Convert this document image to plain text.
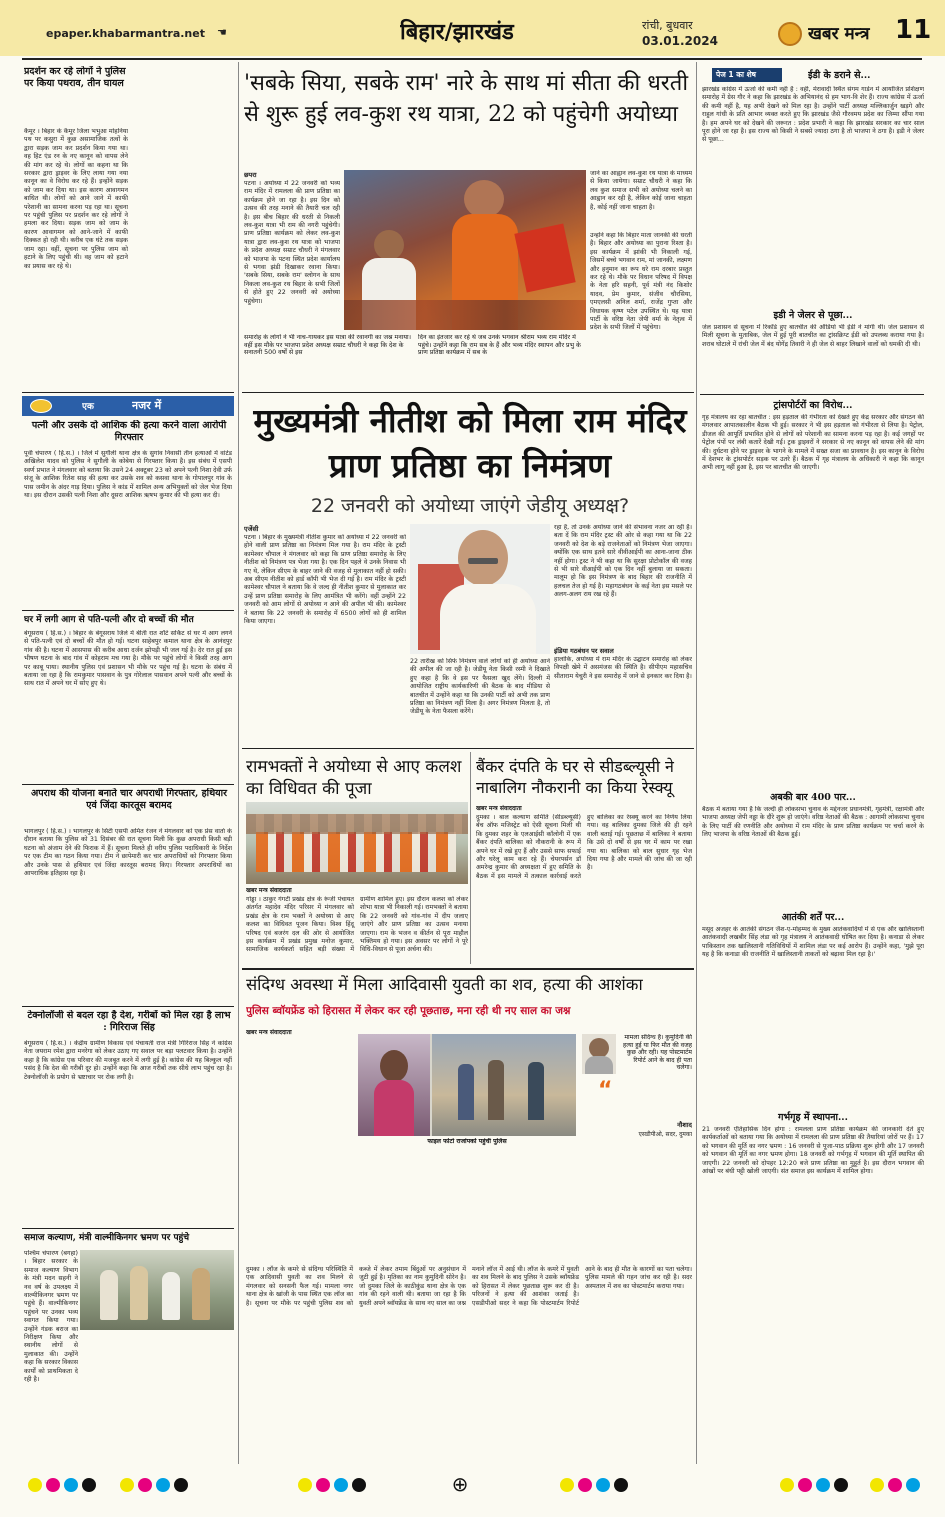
epaper.khabarmantra.net	☚	बिहार/झारखंड	रांची, बुधवार
03.01.2024	खबर मन्त्र 11
प्रदर्शन कर रहे लोगों ने पुलिस पर किया पथराव, तीन घायल
कैमूर । बिहार के कैमूर जिला भभुआ मोहनिया पथ पर कसुरा में कुछ असामाजिक तत्वों के द्वारा सड़क जाम कर प्रदर्शन किया गया था। वह हिट एंड रन के नए कानून को वापस लेने की मांग कर रहे थे। लोगों का कहना था कि सरकार द्वारा ड्राइवर के लिए लाया गया नया कानून का वे विरोध कर रहे हैं। इन्होंने सड़क को जाम कर दिया था। इस कारण आवागमन बाधित थी। लोगों को आने जाने में काफी परेशानी का सामना करना पड़ रहा था। सूचना पर पहुंची पुलिस पर प्रदर्शन कर रहे लोगों ने हमला कर दिया। सड़क जाम को जाम के कारण आवागमन को आने-जाने में काफी दिक्कत हो रही थी। करीब एक घंटे तक सड़क जाम रहा। वहीं, सूचना पर पुलिस जाम को हटाने के लिए पहुंची थी। वह जाम को हटाने का प्रयास कर रहे थे।
एक	नजर में
पत्नी और उसके दो आशिक की हत्या करने वाला आरोपी गिरफ्तार
पूर्वी चंपारण ( हि.स.) । जिले में सुगौली थाना क्षेत्र के सुगांव निवासी तीन हत्याओं में वांटेड अखिलेश यादव को पुलिस ने सुगौली के कोबेया से गिरफ्तार किया है। इस संबंध में एसपी स्वर्ण प्रभात ने मंगलवार को बताया कि उसने 24 अक्टूबर 23 को अपने पत्नी निशा देवी उर्फ संजू के आशिक रितेश साह की हत्या कर उसके शव को कसवा थाना के गोपालपुर गांव के पास जमीन के अंदर गाड़ दिया। पुलिस ने कांड में शामिल अन्य अभियुक्तों को जेल भेज दिया था। इस दौरान उसकी पत्नी निशा और दूसरा आशिक ऋषभ कुमार की भी हत्या कर दी।
घर में लगी आग से पति-पत्नी और दो बच्चों की मौत
बेगूसराय ( हि.स.) । बिहार के बेगूसराय जिले में बीती रात शॉर्ट सर्किट से घर में आग लगने से पति-पत्नी एवं दो बच्चों की मौत हो गई। घटना साहेबपुर कमाल थाना क्षेत्र के आनंदपुर गांव की है। घटना में आसपास की करीब आधा दर्जन झोपड़ी भी जल गई है। देर रात हुई इस भीषण घटना के बाद गांव में कोहराम मच गया है। मौके पर पहुंचे लोगों ने किसी तरह आग पर काबू पाया। स्थानीय पुलिस एवं प्रशासन भी मौके पर पहुंच गई है। घटना के संबंध में बताया जा रहा है कि रामकुमार पासवान के पुत्र गोरेलाल पासवान अपने पत्नी और बच्चों के साथ रात में अपने घर में सोए हुए थे।
अपराध की योजना बनाते चार अपराधी गिरफ्तार, हथियार एवं जिंदा कारतूस बरामद
भागलपुर ( हि.स.) । भागलपुर के सिटी एसपी अमित रंजन ने मंगलवार को एक प्रेस वार्ता के दौरान बताया कि पुलिस को 31 दिसंबर की रात सूचना मिली कि कुछ अपराधी किसी बड़ी घटना को अंजाम देने की फिराक में हैं। सूचना मिलते ही वरीय पुलिस पदाधिकारी के निर्देश पर एक टीम का गठन किया गया। टीम ने छापेमारी कर चार अपराधियों को गिरफ्तार किया और उनके पास से हथियार एवं जिंदा कारतूस बरामद किए। गिरफ्तार अपराधियों का आपराधिक इतिहास रहा है।
टेक्नोलॉजी से बदल रहा है देश, गरीबों को मिल रहा है लाभ : गिरिराज सिंह
बेगूसराय ( हि.स.) । केंद्रीय ग्रामीण विकास एवं पंचायती राज मंत्री गिरिराज सिंह ने कांग्रेस नेता जयराम रमेश द्वारा मनरेगा को लेकर उठाए गए सवाल पर बड़ा पलटवार किया है। उन्होंने कहा है कि कांग्रेस एक परिवार की मजबूत करने में लगी हुई है। कांग्रेस की यह बिल्कुल नहीं पसंद है कि देश की गरीबी दूर हो। उन्होंने कहा कि आज गरीबों तक सीधे लाभ पहुंच रहा है। टेक्नोलॉजी के प्रयोग से भ्रष्टाचार पर रोक लगी है।
समाज कल्याण, मंत्री वाल्मीकिनगर भ्रमण पर पहुंचे
पश्चिम चंपारण (बगहा) । बिहार सरकार के समाज कल्याण विभाग के मंत्री मदन सहनी ने नव वर्ष के उपलक्ष्य में वाल्मीकिनगर भ्रमण पर पहुंचे हैं। वाल्मीकिनगर पहुंचने पर उनका भव्य स्वागत किया गया। उन्होंने गंडक बराज का निरीक्षण किया और स्थानीय लोगों से मुलाकात की। उन्होंने कहा कि सरकार विकास कार्यों को प्राथमिकता दे रही है।
'सबके सिया, सबके राम' नारे के साथ मां सीता की धरती से शुरू हुई लव-कुश रथ यात्रा, 22 को पहुंचेगी अयोध्या
छपरा
पटना । अयोध्या में 22 जनवरी को भव्य राम मंदिर में रामलला की प्राण प्रतिष्ठा का कार्यक्रम होने जा रहा है। इस दिन को उत्सव की तरह मनाने की तैयारी चल रही है। इस बीच बिहार की धरती से निकली लव-कुश यात्रा भी राम की नगरी पहुंचेगी। प्राण प्रतिष्ठा कार्यक्रम को लेकर लव-कुश यात्रा द्वारा लव-कुश रथ यात्रा को भाजपा के प्रदेश अध्यक्ष सम्राट चौधरी ने मंगलवार को भाजपा के पटना स्थित प्रदेश कार्यालय से भगवा झंडी दिखाकर रवाना किया। 'सबके सिया, सबके राम' स्लोगन के साथ निकला लव-कुश रथ बिहार के सभी जिलों से होते हुए 22 जनवरी को अयोध्या पहुंचेगा।
समारोह के लोगों ने भी नाच-गायकर इस यात्रा की रवानगी का जश्न मनाया। वहीं इस मौके पर भाजपा प्रदेश अध्यक्ष सम्राट चौधरी ने कहा कि देश के सनातनी 500 वर्षों से इस
दिन का इंतजार कर रहे थे जब उनके भगवान श्रीराम भव्य राम मंदिर में पहुंचे। उन्होंने कहा कि राम सब के हैं और भव्य मंदिर स्थापन और प्रभु के प्राण प्रतिष्ठा कार्यक्रम में सब के
जाने का आह्वान लव-कुश रथ यात्रा के माध्यम से किया जायेगा। सम्राट चौधरी ने कहा कि लव कुश समाज सभी को अयोध्या चलने का आह्वान कर रही है, लेकिन कोई जाना चाहता है, कोई नहीं जाना चाहता है।
उन्होंने कहा कि बिहार माता जानकी की धरती है। बिहार और अयोध्या का पुराना रिश्ता है। इस कार्यक्रम में झांकी भी निकाली गई, जिसमें बच्चे भगवान राम, मां जानकी, लक्ष्मण और हनुमान का रूप धरे राम दरबार प्रस्तुत कर रहे थे। मौके पर विधान परिषद में विपक्ष के नेता हरि सहनी, पूर्व मंत्री नंद किशोर यादव, प्रेम कुमार, संजीव चौरसिया, एमएलसी अनिल शर्मा, राजेंद्र गुप्ता और विधायक कृष्ण पटेल उपस्थित थे। यह यात्रा पार्टी के वरिष्ठ नेता जेपी वर्मा के नेतृत्व में प्रदेश के सभी जिलों में पहुंचेगा।
मुख्यमंत्री नीतीश को मिला राम मंदिर प्राण प्रतिष्ठा का निमंत्रण
22 जनवरी को अयोध्या जाएंगे जेडीयू अध्यक्ष?
एजेंसी
पटना । बिहार के मुख्यमंत्री नीतीश कुमार को अयोध्या में 22 जनवरी को होने वाली प्राण प्रतिष्ठा का निमंत्रण मिल गया है। राम मंदिर के ट्रस्टी कामेश्वर चौपाल ने मंगलवार को कहा कि प्राण प्रतिष्ठा समारोह के लिए नीतीश को निमंत्रण पत्र भेजा गया है। एक दिन पहले वे उनके निवास भी गए थे, लेकिन सीएम के बाहर जाने की वजह से मुलाकात नहीं हो सकी। अब सीएम नीतीश को हार्ड कॉपी भी भेज दी गई है। राम मंदिर के ट्रस्टी कामेश्वर चौपाल ने बताया कि वे जल्द ही नीतीश कुमार से मुलाकात कर उन्हें प्राण प्रतिष्ठा समारोह के लिए आमंत्रित भी करेंगे। वहीं उन्होंने 22 जनवरी को आम लोगों से अयोध्या न आने की अपील भी की। कामेश्वर ने बताया कि 22 जनवरी के समारोह में 6500 लोगों को ही शामिल किया जाएगा।
22 तारीख को सिर्फ निमंत्रण वाले लोगों को ही अयोध्या आने की अपील की जा रही है। जेडीयू नेता किसी रस्मी ने दिखाते हुए कहा है कि वे इस पर फैसला खुद लेंगे। दिल्ली में आयोजित राष्ट्रीय कार्यकारिणी की बैठक के बाद मीडिया से बातचीत में उन्होंने कहा था कि उनकी पार्टी को अभी तक प्राण प्रतिष्ठा का निमंत्रण नहीं मिला है। अगर निमंत्रण मिलता है, तो जेडीयू के नेता फैसला करेंगे।
रहा है, तो उनके अयोध्या जाने की संभावना नजर आ रही है। बता दें कि राम मंदिर ट्रस्ट की ओर से कहा गया था कि 22 जनवरी को देश के बड़े राजनेताओं को निमंत्रण भेजा जाएगा। क्योंकि एक साथ इतने सारे वीवीआईपी का आना-जाना ठीक नहीं होगा। ट्रस्ट ने भी कहा था कि सुरक्षा प्रोटोकॉल की वजह से भी सारे वीआईपी को एक दिन नहीं बुलाया जा सकता। मालूम हो कि इस निमंत्रण के बाद बिहार की राजनीति में हलचल तेज हो गई है। महागठबंधन के कई नेता इस मसले पर अलग-अलग राय रख रहे हैं।
इंडिया गठबंधन पर सवाल
हालांकि, अयोध्या में राम मंदिर के उद्घाटन समारोह को लेकर विपक्षी खेमे में असमंजस की स्थिति है। सीपीएम महासचिव सीताराम येचुरी ने इस समारोह में जाने से इनकार कर दिया है।
रामभक्तों ने अयोध्या से आए कलश का विधिवत की पूजा
खबर मन्त्र संवाददाता
गोड्डा । ठाकुर गंगटी प्रखंड क्षेत्र के रूंजी पंचायत अंतर्गत महादेव मंदिर परिसर में मंगलवार को प्रखंड क्षेत्र के राम भक्तों ने अयोध्या से आए कलश का विधिवत पूजन किया। विश्व हिंदू परिषद एवं बजरंग दल की ओर से आयोजित इस कार्यक्रम में प्रखंड प्रमुख मनोज कुमार, सामाजिक कार्यकर्ता सहित बड़ी संख्या में ग्रामीण शामिल हुए। इस दौरान कलश को लेकर शोभा यात्रा भी निकाली गई। रामभक्तों ने बताया कि 22 जनवरी को गांव-गांव में दीप जलाए जाएंगे और प्राण प्रतिष्ठा का उत्सव मनाया जाएगा। राम के भजन व कीर्तन से पूरा माहौल भक्तिमय हो गया। इस अवसर पर लोगों ने पूरे विधि-विधान से पूजा अर्चना की।
बैंकर दंपति के घर से सीडब्ल्यूसी ने नाबालिग नौकरानी का किया रेस्क्यू
खबर मन्त्र संवाददाता
दुमका । बाल कल्याण समिति (सीडब्ल्यूसी) बेंच ऑफ मजिस्ट्रेट को ऐसी सूचना मिली थी कि दुमका शहर के एलआईसी कॉलोनी में एक बैंकर दंपति बालिका को नौकरानी के रूप में अपने घर में रखे हुए हैं और उससे साफ सफाई और घरेलू काम करा रहे हैं। चेयरपर्सन डॉ अमरेन्द्र कुमार की अध्यक्षता में हुए समिति के बैठक में इस मामले में तत्काल कार्रवाई करते हुए बालिका का रेस्क्यू करने का निर्णय लिया गया। वह बालिका दुमका जिले की ही रहने वाली बताई गई। पूछताछ में बालिका ने बताया कि उसे दो वर्षों से इस घर में काम पर रखा गया था। बालिका को बाल सुधार गृह भेज दिया गया है और मामले की जांच की जा रही है।
संदिग्ध अवस्था में मिला आदिवासी युवती का शव, हत्या की आशंका
पुलिस ब्वॉयफ्रेंड को हिरासत में लेकर कर रही पूछताछ, मना रही थी नए साल का जश्न
खबर मन्त्र संवाददाता
दुमका । लॉज के कमरे से संदिग्ध परिस्थिति में एक आदिवासी युवती का शव मिलने से मंगलवार को सनसनी फैल गई। मामला नगर थाना क्षेत्र के खांजी के पास स्थित एक लॉज का है। सूचना पर मौके पर पहुंची पुलिस शव को कब्जे में लेकर तमाम बिंदुओं पर अनुसंधान में जुटी हुई है। मृतिका का नाम कुमुदिनी सोरेन है। जो दुमका जिले के काठीकुंड थाना क्षेत्र के एक गांव की रहने वाली थी। बताया जा रहा है कि युवती अपने ब्वॉयफ्रेंड के साथ नए साल का जश्न मनाने लॉज में आई थी। लॉज के कमरे में युवती का शव मिलने के बाद पुलिस ने उसके ब्वॉयफ्रेंड को हिरासत में लेकर पूछताछ शुरू कर दी है। परिजनों ने हत्या की आशंका जताई है। एसडीपीओ सदर ने कहा कि पोस्टमार्टम रिपोर्ट आने के बाद ही मौत के कारणों का पता चलेगा। पुलिस मामले की गहन जांच कर रही है। सदर अस्पताल में शव का पोस्टमार्टम कराया गया।
फाइल फोटो राजांपको पहुंची पुलिस
“
मामला संदिग्ध है। कुमुदिनी की हत्या हुई या फिर मौत की वजह कुछ और रही। यह पोस्टमार्टम रिपोर्ट आने के बाद ही पता चलेगा।
नौशाद
एसडीपीओ, सदर, दुमका
पेज 1 का शेष	ईडी के डराने से...
झारखंड कांग्रेस में ऊर्जा की कमी नहीं है : वहीं, मेरावादी स्थित संगम गार्डन में आयोजित प्रशिक्षण समारोह में ग्रेस गौर ने कहा कि झारखंड के अभियानंद से हम भाग-वि शेर हैं। राज्य कांग्रेस में ऊर्जा की कमी नहीं है, यह अभी देखने को मिल रहा है। उन्होंने पार्टी अध्यक्ष मल्लिकार्जुन खड़गे और राहुल गांधी के प्रति आभार व्यक्त करते हुए कि झारखंड जैसे गौरवमय प्रदेश का जिम्मा सौंपा गया है। हम अपने घर को देखने की जरूरत : प्रदेश प्रभारी ने कहा कि झारखंड सरकार का चार साल पूरा होने जा रहा है। इस राज्य को किसी ने सबसे ज्यादा ठगा है तो भाजपा ने ठगा है। इडी ने जेलर से पूछा...
इडी ने जेलर से पूछा...
जेल प्रशासन से सूचना में रिकॉर्ड हुए बातचीत की ऑडियो भी ईडी ने मांगी थी। जेल प्रशासन से मिली सूचना के मुताबिक, जेल में हुई पूरी बातचीत का ट्रांसक्रिप्ट ईडी को उपलब्ध कराया गया है। शराब घोटाले में रांची जेल में बंद योगेंद्र तिवारी ने ही जेल से बाहर लिखाने वालों को धमकी दी थी।
ट्रांसपोर्टरों का विरोध...
गृह मंत्रालय का रहा बातचीत : इस हड़ताल की गंभीरता को देखते हुए केंद्र सरकार और संगठन की मंगलवार आपातकालीन बैठक भी हुई। सरकार ने भी इस हड़ताल को गंभीरता से लिया है। पेट्रोल, डीजल की आपूर्ति प्रभावित होने से लोगों को परेशानी का सामना करना पड़ रहा है। कई जगहों पर पेट्रोल पंपों पर लंबी कतारें देखी गईं। ट्रक ड्राइवरों ने सरकार से नए कानून को वापस लेने की मांग की। दुर्घटना होने पर ड्राइवर के भागने के मामले में सख्त सजा का प्रावधान है। इस कानून के विरोध में देशभर के ट्रांसपोर्टर सड़क पर उतरे हैं। बैठक में गृह मंत्रालय के अधिकारी ने कहा कि कानून अभी लागू नहीं हुआ है, इस पर बातचीत की जाएगी।
अबकी बार 400 पार...
बैठक में बताया गया है कि जल्दी ही लोकसभा चुनाव के मद्देनजर प्रधानमंत्री, गृहमंत्री, रक्षामंत्री और भाजपा अध्यक्ष जेपी नड्डा के दौरे शुरू हो जाएंगे। वरिष्ठ नेताओं की बैठक : आगामी लोकसभा चुनाव के लिए पार्टी की रणनीति और अयोध्या में राम मंदिर के प्राण प्रतिष्ठा कार्यक्रम पर चर्चा करने के लिए भाजपा के वरिष्ठ नेताओं की बैठक हुई।
आतंकी शर्तें पर...
मसूद अजहर के आतंकी संगठन जैश-ए-मोहम्मद के मुख्य आतंकवादियों में से एक और खालिस्तानी आतंकवादी लखबीर सिंह लंडा को गृह मंत्रालय ने आतंकवादी घोषित कर दिया है। कनाडा से लेकर पाकिस्तान तक खालिस्तानी गतिविधियों में शामिल लंडा पर कई आरोप हैं। उन्होंने कहा, 'मुझे पूरा यह है कि कनाडा की राजनीति में खालिस्तानी ताकतों को बढ़ावा मिल रहा है।'
गर्भगृह में स्थापना...
21 जनवरी ऐतिहासिक दिन होगा : रामलला प्राण प्रतिष्ठा कार्यक्रम की जानकारी देते हुए कार्यकर्ताओं को बताया गया कि अयोध्या में रामलला की प्राण प्रतिष्ठा की तैयारियां जोरों पर हैं। 17 को भगवान की मूर्ति का नगर भ्रमण : 16 जनवरी से पूजा-पाठ प्रक्रिया शुरू होगी और 17 जनवरी को भगवान की मूर्ति का नगर भ्रमण होगा। 18 जनवरी को गर्भगृह में भगवान की मूर्ति स्थापित की जाएगी। 22 जनवरी को दोपहर 12:20 बजे प्राण प्रतिष्ठा का मुहूर्त है। इस दौरान भगवान की आंखों पर बंधी पट्टी खोली जाएगी। संत समाज इस कार्यक्रम में शामिल होगा।
⊕
